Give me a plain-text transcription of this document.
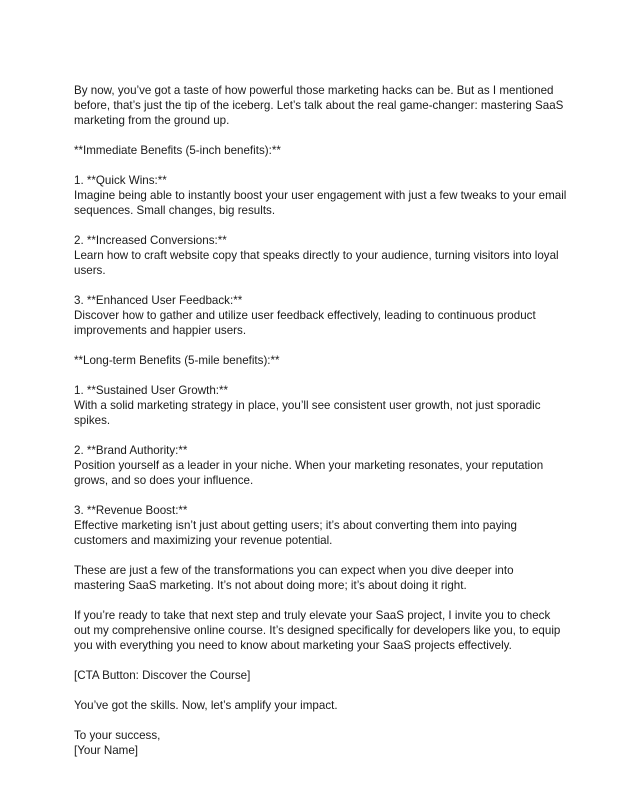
By now, you’ve got a taste of how powerful those marketing hacks can be. But as I mentioned
before, that’s just the tip of the iceberg. Let’s talk about the real game-changer: mastering SaaS
marketing from the ground up.

**Immediate Benefits (5-inch benefits):**

1. **Quick Wins:**
Imagine being able to instantly boost your user engagement with just a few tweaks to your email
sequences. Small changes, big results.

2. **Increased Conversions:**
Learn how to craft website copy that speaks directly to your audience, turning visitors into loyal
users.

3. **Enhanced User Feedback:**
Discover how to gather and utilize user feedback effectively, leading to continuous product
improvements and happier users.

**Long-term Benefits (5-mile benefits):**

1. **Sustained User Growth:**
With a solid marketing strategy in place, you’ll see consistent user growth, not just sporadic
spikes.

2. **Brand Authority:**
Position yourself as a leader in your niche. When your marketing resonates, your reputation
grows, and so does your influence.

3. **Revenue Boost:**
Effective marketing isn’t just about getting users; it’s about converting them into paying
customers and maximizing your revenue potential.

These are just a few of the transformations you can expect when you dive deeper into
mastering SaaS marketing. It’s not about doing more; it’s about doing it right.

If you’re ready to take that next step and truly elevate your SaaS project, I invite you to check
out my comprehensive online course. It’s designed specifically for developers like you, to equip
you with everything you need to know about marketing your SaaS projects effectively.

[CTA Button: Discover the Course]

You’ve got the skills. Now, let’s amplify your impact.

To your success,
[Your Name]
